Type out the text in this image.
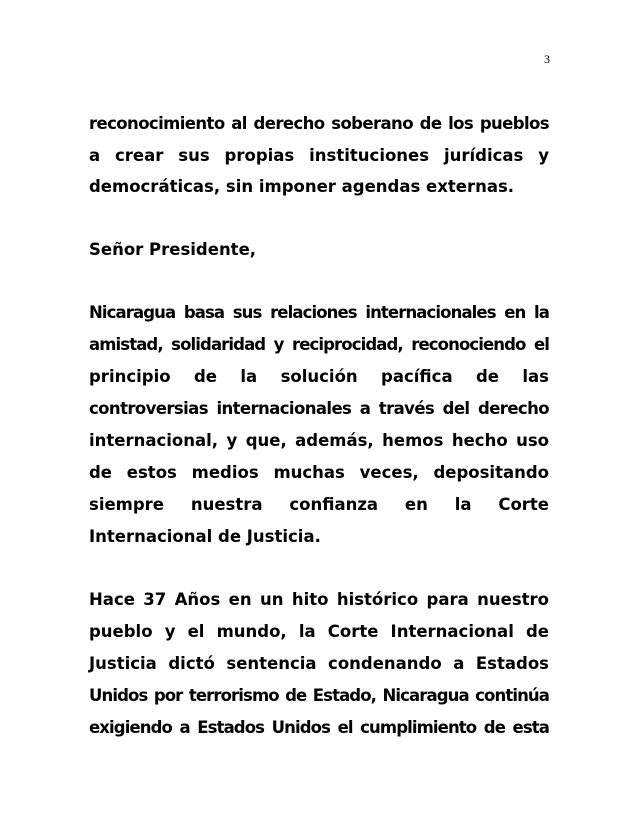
3
reconocimiento al derecho soberano de los pueblos
a crear sus propias instituciones jurídicas y
democráticas, sin imponer agendas externas.
Señor Presidente,
Nicaragua basa sus relaciones internacionales en la
amistad, solidaridad y reciprocidad, reconociendo el
principio de la solución pacífica de las
controversias internacionales a través del derecho
internacional, y que, además, hemos hecho uso
de estos medios muchas veces, depositando
siempre nuestra confianza en la Corte
Internacional de Justicia.
Hace 37 Años en un hito histórico para nuestro
pueblo y el mundo, la Corte Internacional de
Justicia dictó sentencia condenando a Estados
Unidos por terrorismo de Estado, Nicaragua continúa
exigiendo a Estados Unidos el cumplimiento de esta
